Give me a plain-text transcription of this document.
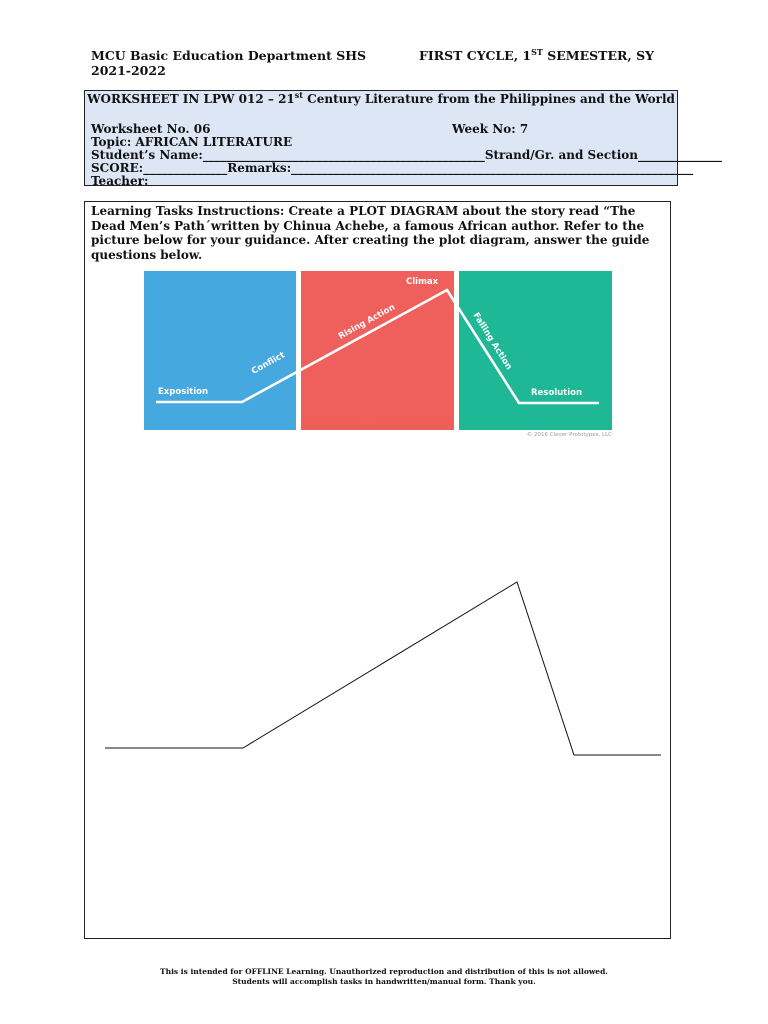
MCU Basic Education Department SHS	FIRST CYCLE, 1ST SEMESTER, SY
2021-2022
WORKSHEET IN LPW 012 – 21st Century Literature from the Philippines and the World
Worksheet No. 06	Week No: 7
Topic: AFRICAN LITERATURE
Student’s Name:_______________________________________________Strand/Gr. and Section______________
SCORE:______________Remarks:___________________________________________________________________
Teacher:
Learning Tasks Instructions: Create a PLOT DIAGRAM about the story read “The Dead Men’s Path´written by Chinua Achebe, a famous African author. Refer to the picture below for your guidance. After creating the plot diagram, answer the guide questions below.
BEGINNING	MIDDLE	END
Exposition
Conflict
Rising Action
Climax
Falling Action
Resolution
© 2016 Clever Prototypes, LLC
This is intended for OFFLINE Learning. Unauthorized reproduction and distribution of this is not allowed.
Students will accomplish tasks in handwritten/manual form. Thank you.
